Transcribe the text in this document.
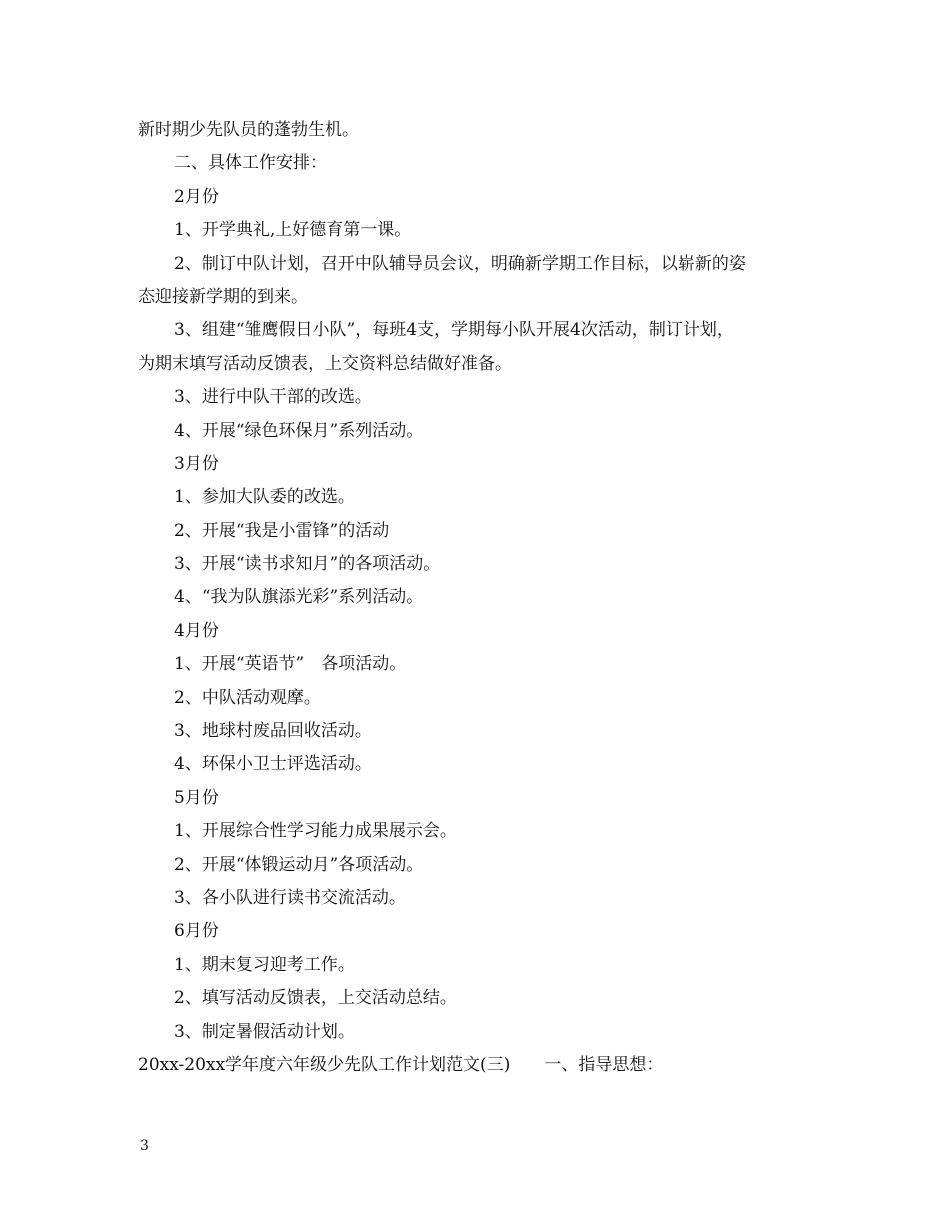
新时期少先队员的蓬勃生机。
二、具体工作安排：
2月份
1、开学典礼,上好德育第一课。
2、制订中队计划，召开中队辅导员会议，明确新学期工作目标，以崭新的姿
态迎接新学期的到来。
3、组建“雏鹰假日小队”，每班4支，学期每小队开展4次活动，制订计划，
为期末填写活动反馈表，上交资料总结做好准备。
3、进行中队干部的改选。
4、开展“绿色环保月”系列活动。
3月份
1、参加大队委的改选。
2、开展“我是小雷锋”的活动
3、开展“读书求知月”的各项活动。
4、“我为队旗添光彩”系列活动。
4月份
1、开展“英语节”　各项活动。
2、中队活动观摩。
3、地球村废品回收活动。
4、环保小卫士评选活动。
5月份
1、开展综合性学习能力成果展示会。
2、开展“体锻运动月”各项活动。
3、各小队进行读书交流活动。
6月份
1、期末复习迎考工作。
2、填写活动反馈表，上交活动总结。
3、制定暑假活动计划。
20xx-20xx学年度六年级少先队工作计划范文(三)　　一、指导思想：
3
